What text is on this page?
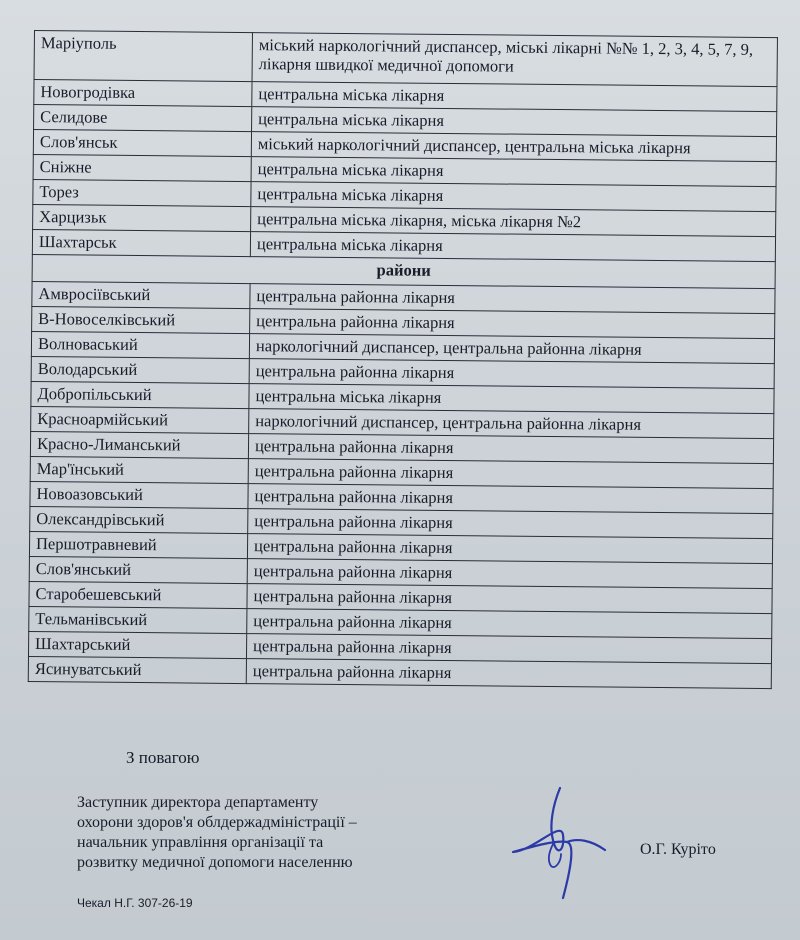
Маріуполь	міський наркологічний диспансер, міські лікарні №№ 1, 2, 3, 4, 5, 7, 9, лікарня швидкої медичної допомоги
Новогродівка	центральна міська лікарня
Селидове	центральна міська лікарня
Слов'янськ	міський наркологічний диспансер, центральна міська лікарня
Сніжне	центральна міська лікарня
Торез	центральна міська лікарня
Харцизьк	центральна міська лікарня, міська лікарня №2
Шахтарськ	центральна міська лікарня
райони	
Амвросіївський	центральна районна лікарня
В-Новоселківський	центральна районна лікарня
Волноваський	наркологічний диспансер, центральна районна лікарня
Володарський	центральна районна лікарня
Добропільський	центральна міська лікарня
Красноармійський	наркологічний диспансер, центральна районна лікарня
Красно-Лиманський	центральна районна лікарня
Мар'їнський	центральна районна лікарня
Новоазовський	центральна районна лікарня
Олександрівський	центральна районна лікарня
Першотравневий	центральна районна лікарня
Слов'янський	центральна районна лікарня
Старобешевський	центральна районна лікарня
Тельманівський	центральна районна лікарня
Шахтарський	центральна районна лікарня
Ясинуватський	центральна районна лікарня
З повагою
Заступник директора департаменту
охорони здоров'я облдержадміністрації –
начальник управління організації та
розвитку медичної допомоги населенню
О.Г. Курітo
Чекал Н.Г. 307-26-19
